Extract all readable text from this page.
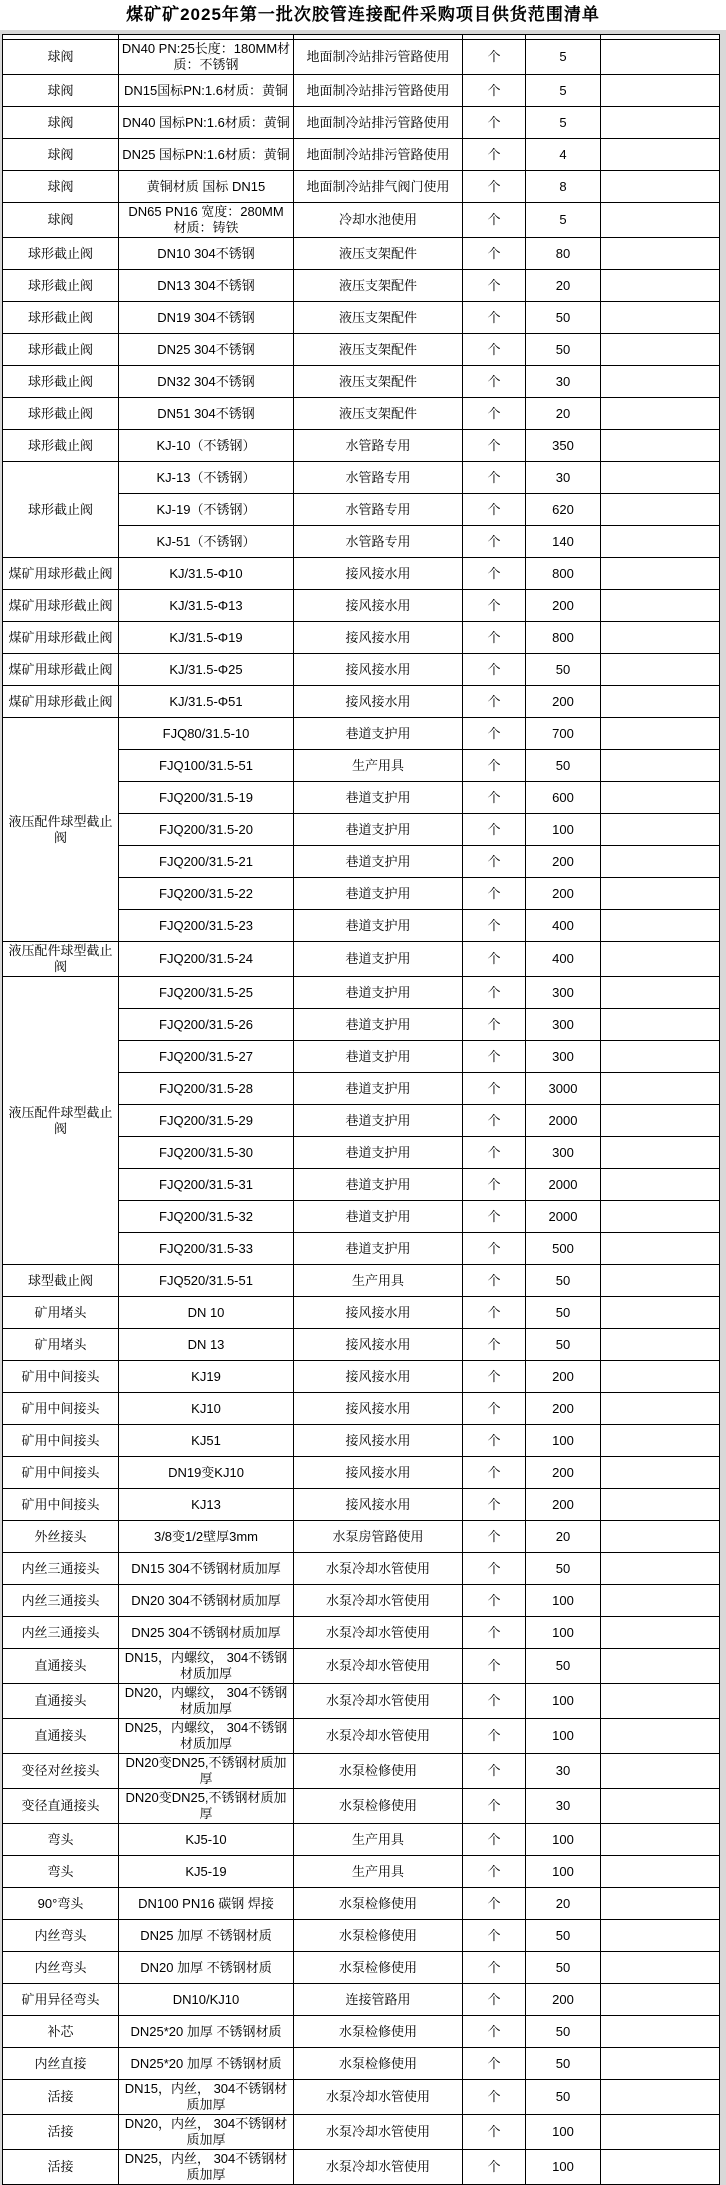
煤矿矿2025年第一批次胶管连接配件采购项目供货范围清单

球阀	DN40 PN:25长度：180MM材质：不锈钢	地面制冷站排污管路使用	个	5	
球阀	DN15国标PN:1.6材质：黄铜	地面制冷站排污管路使用	个	5	
球阀	DN40 国标PN:1.6材质：黄铜	地面制冷站排污管路使用	个	5	
球阀	DN25 国标PN:1.6材质：黄铜	地面制冷站排污管路使用	个	4	
球阀	黄铜材质 国标 DN15	地面制冷站排气阀门使用	个	8	
球阀	DN65 PN16 宽度：280MM 材质：铸铁	冷却水池使用	个	5	
球形截止阀	DN10 304不锈钢	液压支架配件	个	80	
球形截止阀	DN13 304不锈钢	液压支架配件	个	20	
球形截止阀	DN19 304不锈钢	液压支架配件	个	50	
球形截止阀	DN25 304不锈钢	液压支架配件	个	50	
球形截止阀	DN32 304不锈钢	液压支架配件	个	30	
球形截止阀	DN51 304不锈钢	液压支架配件	个	20	
球形截止阀	KJ-10（不锈钢）	水管路专用	个	350	
球形截止阀	KJ-13（不锈钢）	水管路专用	个	30	
	KJ-19（不锈钢）	水管路专用	个	620	
	KJ-51（不锈钢）	水管路专用	个	140	
煤矿用球形截止阀	KJ/31.5-Φ10	接风接水用	个	800	
煤矿用球形截止阀	KJ/31.5-Φ13	接风接水用	个	200	
煤矿用球形截止阀	KJ/31.5-Φ19	接风接水用	个	800	
煤矿用球形截止阀	KJ/31.5-Φ25	接风接水用	个	50	
煤矿用球形截止阀	KJ/31.5-Φ51	接风接水用	个	200	
液压配件球型截止阀	FJQ80/31.5-10	巷道支护用	个	700	
	FJQ100/31.5-51	生产用具	个	50	
	FJQ200/31.5-19	巷道支护用	个	600	
	FJQ200/31.5-20	巷道支护用	个	100	
	FJQ200/31.5-21	巷道支护用	个	200	
	FJQ200/31.5-22	巷道支护用	个	200	
	FJQ200/31.5-23	巷道支护用	个	400	
液压配件球型截止阀	FJQ200/31.5-24	巷道支护用	个	400	
液压配件球型截止阀	FJQ200/31.5-25	巷道支护用	个	300	
	FJQ200/31.5-26	巷道支护用	个	300	
	FJQ200/31.5-27	巷道支护用	个	300	
	FJQ200/31.5-28	巷道支护用	个	3000	
	FJQ200/31.5-29	巷道支护用	个	2000	
	FJQ200/31.5-30	巷道支护用	个	300	
	FJQ200/31.5-31	巷道支护用	个	2000	
	FJQ200/31.5-32	巷道支护用	个	2000	
	FJQ200/31.5-33	巷道支护用	个	500	
球型截止阀	FJQ520/31.5-51	生产用具	个	50	
矿用堵头	DN 10	接风接水用	个	50	
矿用堵头	DN 13	接风接水用	个	50	
矿用中间接头	KJ19	接风接水用	个	200	
矿用中间接头	KJ10	接风接水用	个	200	
矿用中间接头	KJ51	接风接水用	个	100	
矿用中间接头	DN19变KJ10	接风接水用	个	200	
矿用中间接头	KJ13	接风接水用	个	200	
外丝接头	3/8变1/2壁厚3mm	水泵房管路使用	个	20	
内丝三通接头	DN15 304不锈钢材质加厚	水泵冷却水管使用	个	50	
内丝三通接头	DN20 304不锈钢材质加厚	水泵冷却水管使用	个	100	
内丝三通接头	DN25 304不锈钢材质加厚	水泵冷却水管使用	个	100	
直通接头	DN15，内螺纹， 304不锈钢材质加厚	水泵冷却水管使用	个	50	
直通接头	DN20，内螺纹， 304不锈钢材质加厚	水泵冷却水管使用	个	100	
直通接头	DN25，内螺纹， 304不锈钢材质加厚	水泵冷却水管使用	个	100	
变径对丝接头	DN20变DN25,不锈钢材质加厚	水泵检修使用	个	30	
变径直通接头	DN20变DN25,不锈钢材质加厚	水泵检修使用	个	30	
弯头	KJ5-10	生产用具	个	100	
弯头	KJ5-19	生产用具	个	100	
90°弯头	DN100 PN16 碳钢 焊接	水泵检修使用	个	20	
内丝弯头	DN25 加厚 不锈钢材质	水泵检修使用	个	50	
内丝弯头	DN20 加厚 不锈钢材质	水泵检修使用	个	50	
矿用异径弯头	DN10/KJ10	连接管路用	个	200	
补芯	DN25*20 加厚 不锈钢材质	水泵检修使用	个	50	
内丝直接	DN25*20 加厚 不锈钢材质	水泵检修使用	个	50	
活接	DN15，内丝， 304不锈钢材质加厚	水泵冷却水管使用	个	50	
活接	DN20，内丝， 304不锈钢材质加厚	水泵冷却水管使用	个	100	
活接	DN25，内丝， 304不锈钢材质加厚	水泵冷却水管使用	个	100	
